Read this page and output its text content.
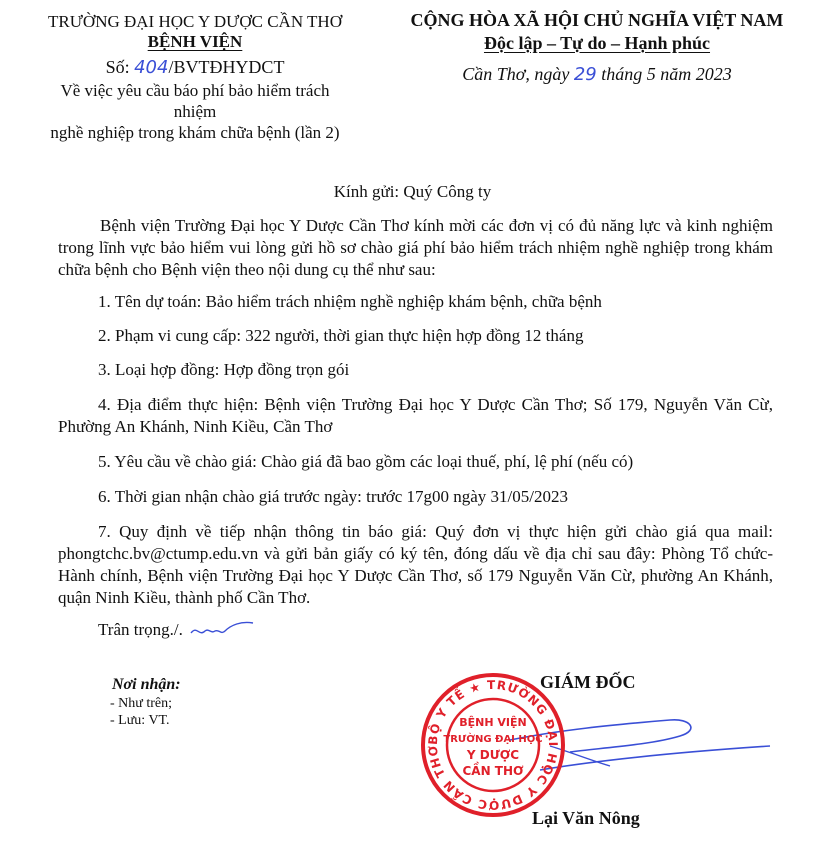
TRƯỜNG ĐẠI HỌC Y DƯỢC CẦN THƠ
BỆNH VIỆN
Số: 404/BVTĐHYDCT
Về việc yêu cầu báo phí bảo hiểm trách nhiệm
nghề nghiệp trong khám chữa bệnh (lần 2)
CỘNG HÒA XÃ HỘI CHỦ NGHĨA VIỆT NAM
Độc lập – Tự do – Hạnh phúc
Cần Thơ, ngày 29 tháng 5 năm 2023
Kính gửi: Quý Công ty
Bệnh viện Trường Đại học Y Dược Cần Thơ kính mời các đơn vị có đủ năng lực và kinh nghiệm trong lĩnh vực bảo hiểm vui lòng gửi hồ sơ chào giá phí bảo hiểm trách nhiệm nghề nghiệp trong khám chữa bệnh cho Bệnh viện theo nội dung cụ thể như sau:
1. Tên dự toán: Bảo hiểm trách nhiệm nghề nghiệp khám bệnh, chữa bệnh
2. Phạm vi cung cấp: 322 người, thời gian thực hiện hợp đồng 12 tháng
3. Loại hợp đồng: Hợp đồng trọn gói
4. Địa điểm thực hiện: Bệnh viện Trường Đại học Y Dược Cần Thơ; Số 179, Nguyễn Văn Cừ, Phường An Khánh, Ninh Kiều, Cần Thơ
5. Yêu cầu về chào giá: Chào giá đã bao gồm các loại thuế, phí, lệ phí (nếu có)
6. Thời gian nhận chào giá trước ngày: trước 17g00 ngày 31/05/2023
7. Quy định về tiếp nhận thông tin báo giá: Quý đơn vị thực hiện gửi chào giá qua mail: phongtchc.bv@ctump.edu.vn và gửi bản giấy có ký tên, đóng dấu về địa chỉ sau đây: Phòng Tổ chức-Hành chính, Bệnh viện Trường Đại học Y Dược Cần Thơ, số 179 Nguyễn Văn Cừ, phường An Khánh, quận Ninh Kiều, thành phố Cần Thơ.
Trân trọng./.
Nơi nhận:
- Như trên;
- Lưu: VT.
GIÁM ĐỐC
Lại Văn Nông
BỘ Y TẾ ★ TRƯỜNG ĐẠI HỌC Y DƯỢC CẦN THƠ
BỆNH VIỆN
TRƯỜNG ĐẠI HỌC
Y DƯỢC
CẦN THƠ
